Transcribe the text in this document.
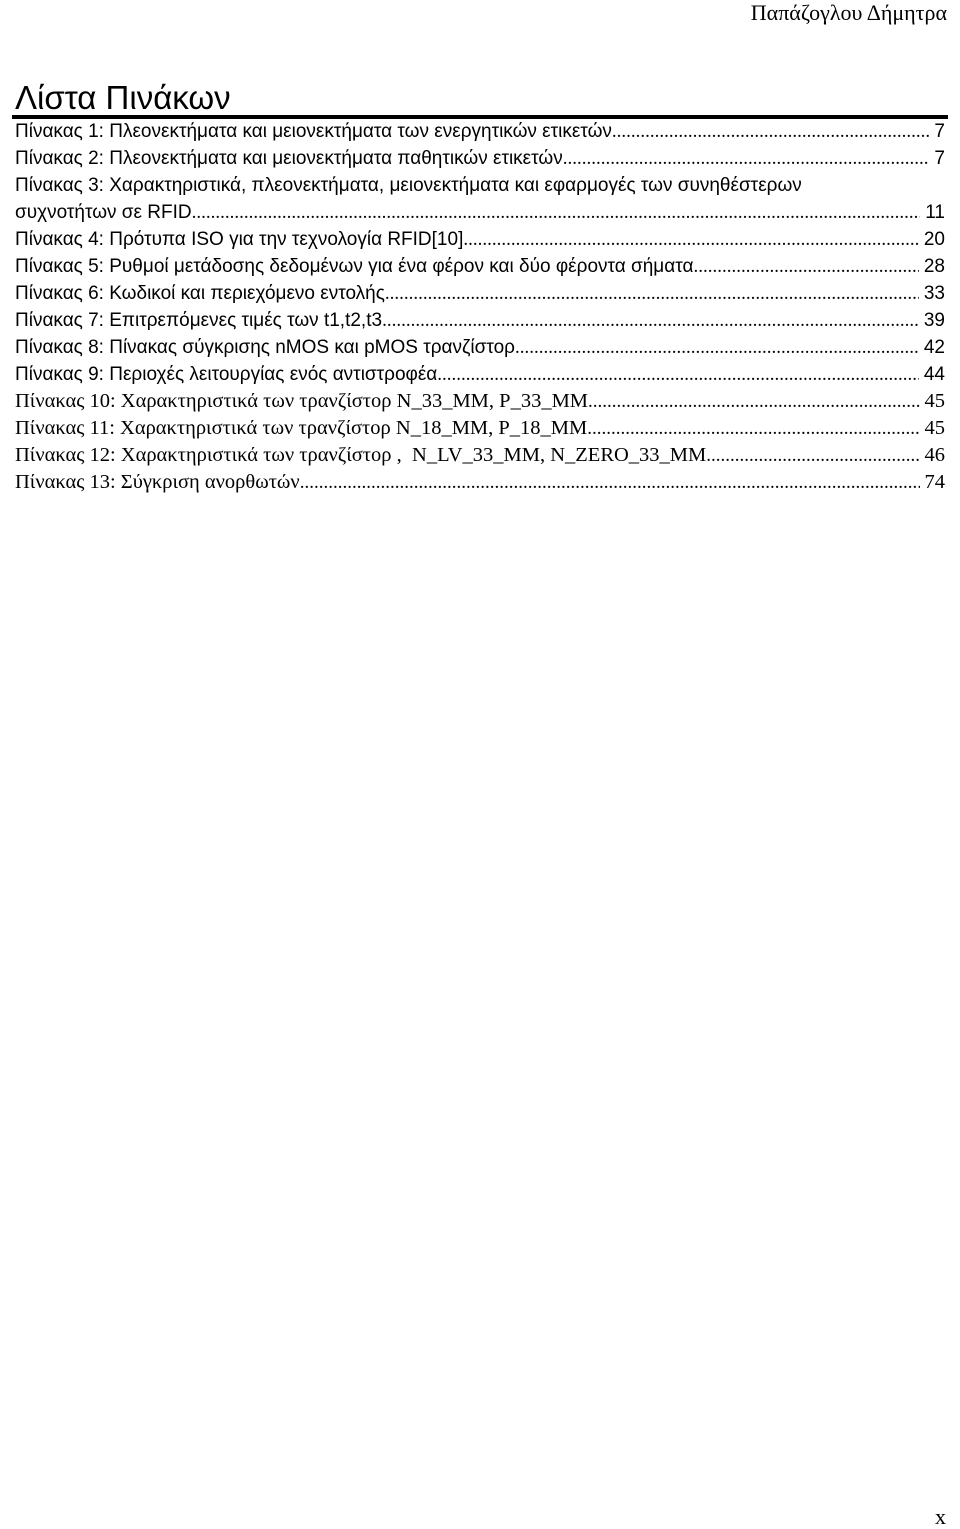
Παπάζογλου Δήμητρα
Λίστα Πινάκων
Πίνακας 1: Πλεονεκτήματα και μειονεκτήματα των ενεργητικών ετικετών .....	7
Πίνακας 2: Πλεονεκτήματα και μειονεκτήματα παθητικών ετικετών .....	7
Πίνακας 3: Χαρακτηριστικά, πλεονεκτήματα, μειονεκτήματα και εφαρμογές των συνηθέστερων
συχνοτήτων σε RFID .....	11
Πίνακας 4: Πρότυπα ISO για την τεχνολογία RFID[10] .....	20
Πίνακας 5: Ρυθμοί μετάδοσης δεδομένων για ένα φέρον και δύο φέροντα σήματα .....	28
Πίνακας 6: Κωδικοί και περιεχόμενο εντολής .....	33
Πίνακας 7: Επιτρεπόμενες τιμές των t1,t2,t3 .....	39
Πίνακας 8: Πίνακας σύγκρισης nMOS και pMOS τρανζίστορ .....	42
Πίνακας 9: Περιοχές λειτουργίας ενός αντιστροφέα .....	44
Πίνακας 10: Χαρακτηριστικά των τρανζίστορ N_33_MM, P_33_MM .....	45
Πίνακας 11: Χαρακτηριστικά των τρανζίστορ N_18_MM, P_18_MM .....	45
Πίνακας 12: Χαρακτηριστικά των τρανζίστορ ,  N_LV_33_MM, N_ZERO_33_MM .....	46
Πίνακας 13: Σύγκριση ανορθωτών .....	74
x
